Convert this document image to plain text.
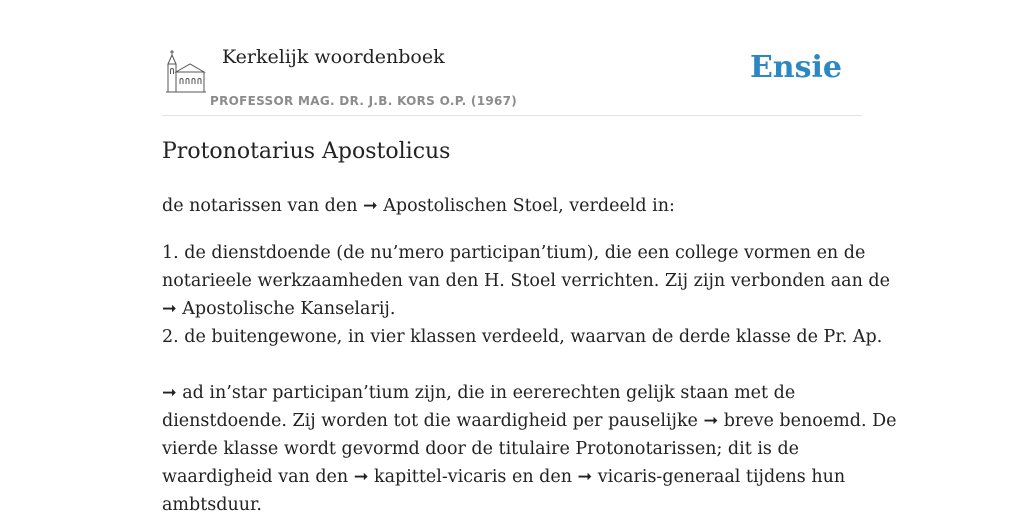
Kerkelijk woordenboek
PROFESSOR MAG. DR. J.B. KORS O.P. (1967)
Ensie
Protonotarius Apostolicus

de notarissen van den ➞ Apostolischen Stoel, verdeeld in:

1. de dienstdoende (de nu’mero participan’tium), die een college vormen en de
notarieele werkzaamheden van den H. Stoel verrichten. Zij zijn verbonden aan de
➞ Apostolische Kanselarij.
2. de buitengewone, in vier klassen verdeeld, waarvan de derde klasse de Pr. Ap.

➞ ad in’star participan’tium zijn, die in eererechten gelijk staan met de
dienstdoende. Zij worden tot die waardigheid per pauselijke ➞ breve benoemd. De
vierde klasse wordt gevormd door de titulaire Protonotarissen; dit is de
waardigheid van den ➞ kapittel-vicaris en den ➞ vicaris-generaal tijdens hun
ambtsduur.
